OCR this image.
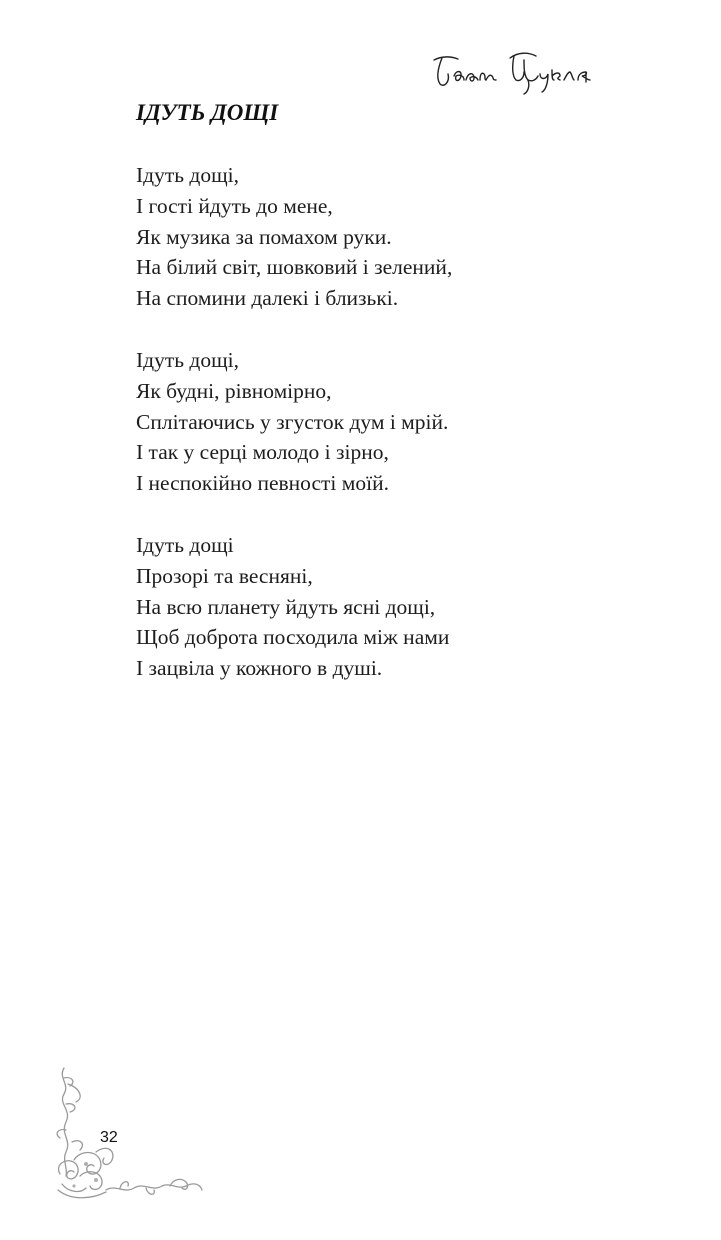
ІДУТЬ ДОЩІ

Ідуть дощі,
І гості йдуть до мене,
Як музика за помахом руки.
На білий світ, шовковий і зелений,
На спомини далекі і близькі.

Ідуть дощі,
Як будні, рівномірно,
Сплітаючись у згусток дум і мрій.
І так у серці молодо і зірно,
І неспокійно певності моїй.

Ідуть дощі
Прозорі та весняні,
На всю планету йдуть ясні дощі,
Щоб доброта посходила між нами
І зацвіла у кожного в душі.

32
